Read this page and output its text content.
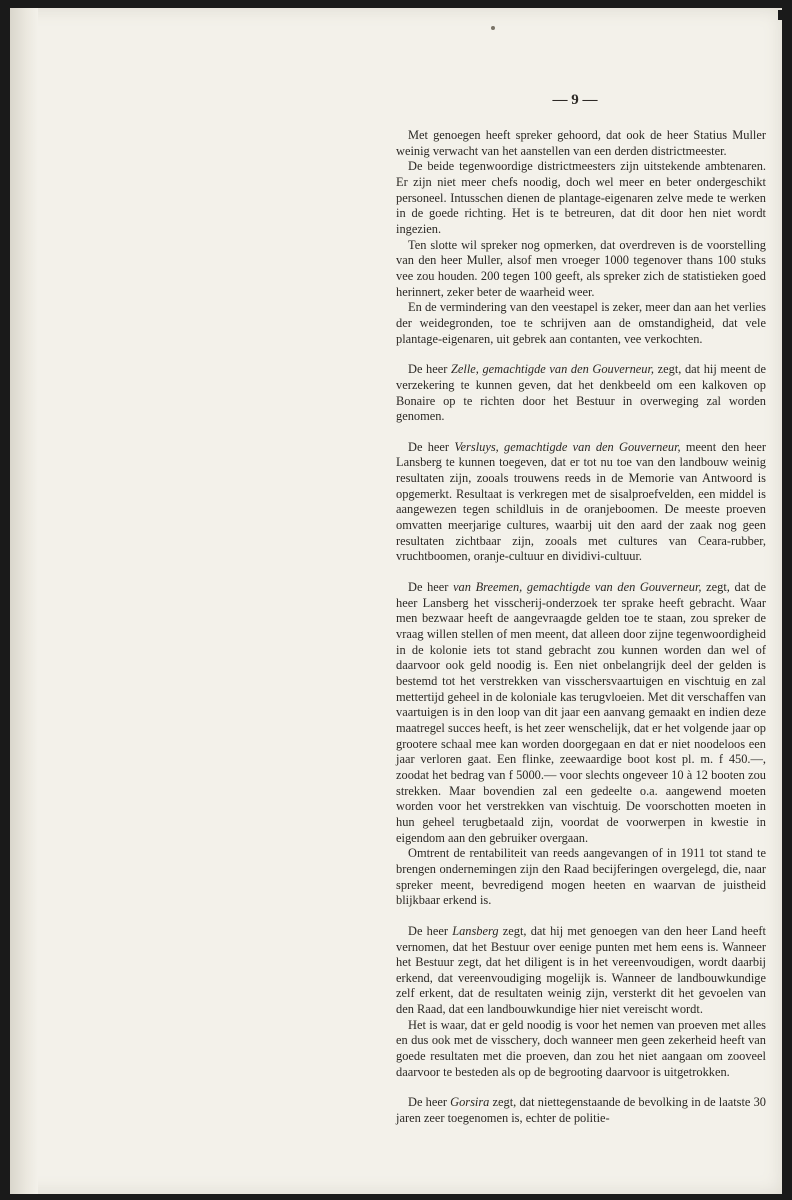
— 9 —

Met genoegen heeft spreker gehoord, dat ook de heer Statius Muller weinig verwacht van het aanstellen van een derden districtmeester.

De beide tegenwoordige districtmeesters zijn uitstekende ambtenaren. Er zijn niet meer chefs noodig, doch wel meer en beter ondergeschikt personeel. Intusschen dienen de plantage-eigenaren zelve mede te werken in de goede richting. Het is te betreuren, dat dit door hen niet wordt ingezien.

Ten slotte wil spreker nog opmerken, dat overdreven is de voorstelling van den heer Muller, alsof men vroeger 1000 tegenover thans 100 stuks vee zou houden. 200 tegen 100 geeft, als spreker zich de statistieken goed herinnert, zeker beter de waarheid weer.

En de vermindering van den veestapel is zeker, meer dan aan het verlies der weidegronden, toe te schrijven aan de omstandigheid, dat vele plantage-eigenaren, uit gebrek aan contanten, vee verkochten.

De heer Zelle, gemachtigde van den Gouverneur, zegt, dat hij meent de verzekering te kunnen geven, dat het denkbeeld om een kalkoven op Bonaire op te richten door het Bestuur in overweging zal worden genomen.

De heer Versluys, gemachtigde van den Gouverneur, meent den heer Lansberg te kunnen toegeven, dat er tot nu toe van den landbouw weinig resultaten zijn, zooals trouwens reeds in de Memorie van Antwoord is opgemerkt. Resultaat is verkregen met de sisalproefvelden, een middel is aangewezen tegen schildluis in de oranjeboomen. De meeste proeven omvatten meerjarige cultures, waarbij uit den aard der zaak nog geen resultaten zichtbaar zijn, zooals met cultures van Ceara-rubber, vruchtboomen, oranje-cultuur en dividivi-cultuur.

De heer van Breemen, gemachtigde van den Gouverneur, zegt, dat de heer Lansberg het visscherij-onderzoek ter sprake heeft gebracht. Waar men bezwaar heeft de aangevraagde gelden toe te staan, zou spreker de vraag willen stellen of men meent, dat alleen door zijne tegenwoordigheid in de kolonie iets tot stand gebracht zou kunnen worden dan wel of daarvoor ook geld noodig is. Een niet onbelangrijk deel der gelden is bestemd tot het verstrekken van visschersvaartuigen en vischtuig en zal mettertijd geheel in de koloniale kas terugvloeien. Met dit verschaffen van vaartuigen is in den loop van dit jaar een aanvang gemaakt en indien deze maatregel succes heeft, is het zeer wenschelijk, dat er het volgende jaar op grootere schaal mee kan worden doorgegaan en dat er niet noodeloos een jaar verloren gaat. Een flinke, zeewaardige boot kost pl. m. f 450.—, zoodat het bedrag van f 5000.— voor slechts ongeveer 10 à 12 booten zou strekken. Maar bovendien zal een gedeelte o.a. aangewend moeten worden voor het verstrekken van vischtuig. De voorschotten moeten in hun geheel terugbetaald zijn, voordat de voorwerpen in kwestie in eigendom aan den gebruiker overgaan.

Omtrent de rentabiliteit van reeds aangevangen of in 1911 tot stand te brengen ondernemingen zijn den Raad becijferingen overgelegd, die, naar spreker meent, bevredigend mogen heeten en waarvan de juistheid blijkbaar erkend is.

De heer Lansberg zegt, dat hij met genoegen van den heer Land heeft vernomen, dat het Bestuur over eenige punten met hem eens is. Wanneer het Bestuur zegt, dat het diligent is in het vereenvoudigen, wordt daarbij erkend, dat vereenvoudiging mogelijk is. Wanneer de landbouwkundige zelf erkent, dat de resultaten weinig zijn, versterkt dit het gevoelen van den Raad, dat een landbouwkundige hier niet vereischt wordt.

Het is waar, dat er geld noodig is voor het nemen van proeven met alles en dus ook met de visschery, doch wanneer men geen zekerheid heeft van goede resultaten met die proeven, dan zou het niet aangaan om zooveel daarvoor te besteden als op de begrooting daarvoor is uitgetrokken.

De heer Gorsira zegt, dat niettegenstaande de bevolking in de laatste 30 jaren zeer toegenomen is, echter de politie-
